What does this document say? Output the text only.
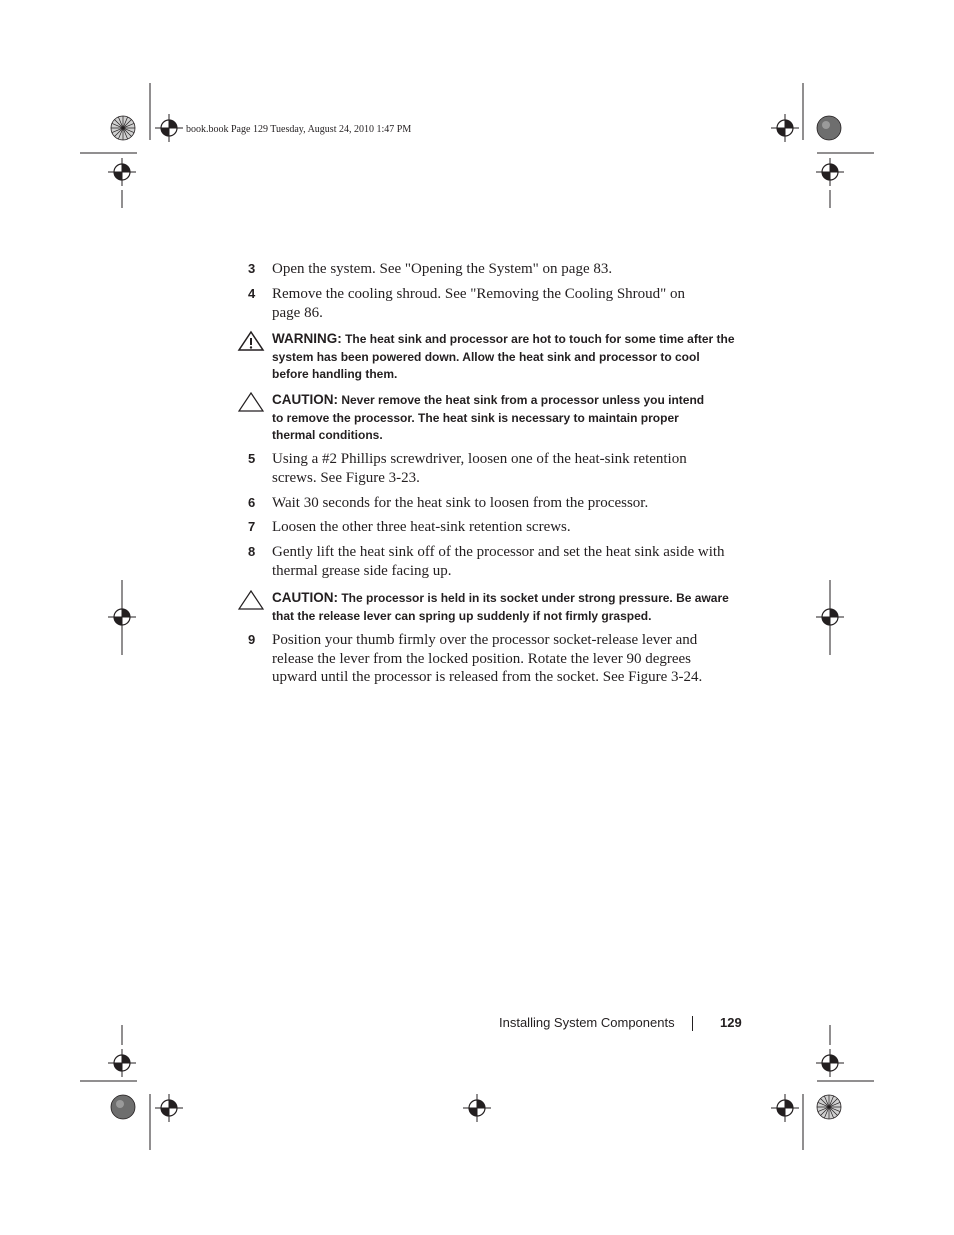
book.book Page 129 Tuesday, August 24, 2010 1:47 PM
3 Open the system. See "Opening the System" on page 83.
4 Remove the cooling shroud. See "Removing the Cooling Shroud" on page 86.
WARNING: The heat sink and processor are hot to touch for some time after the system has been powered down. Allow the heat sink and processor to cool before handling them.
CAUTION: Never remove the heat sink from a processor unless you intend to remove the processor. The heat sink is necessary to maintain proper thermal conditions.
5 Using a #2 Phillips screwdriver, loosen one of the heat-sink retention screws. See Figure 3-23.
6 Wait 30 seconds for the heat sink to loosen from the processor.
7 Loosen the other three heat-sink retention screws.
8 Gently lift the heat sink off of the processor and set the heat sink aside with thermal grease side facing up.
CAUTION: The processor is held in its socket under strong pressure. Be aware that the release lever can spring up suddenly if not firmly grasped.
9 Position your thumb firmly over the processor socket-release lever and release the lever from the locked position. Rotate the lever 90 degrees upward until the processor is released from the socket. See Figure 3-24.
Installing System Components	129
